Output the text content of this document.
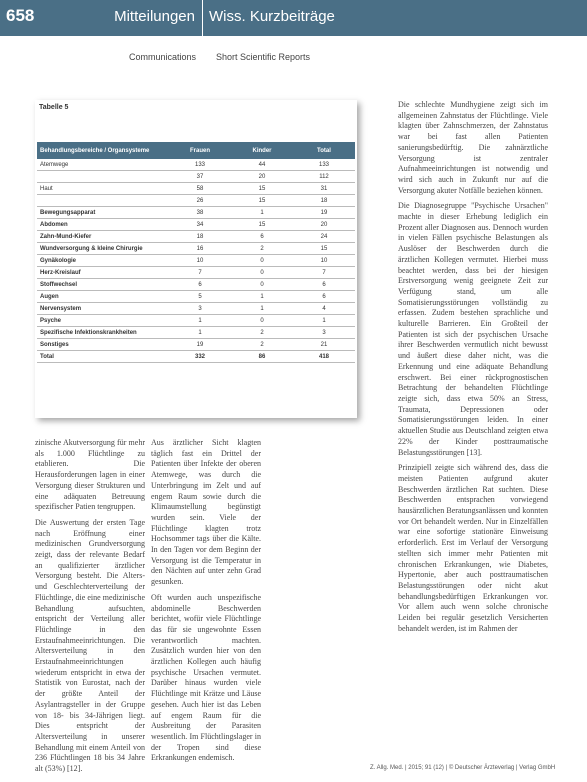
658	Mitteilungen Wiss. Kurzbeiträge
Communications Short Scientific Reports
Tabelle 5
Behandlungsbereiche / Organsysteme	Frauen	Kinder	Total
Atemwege	133	44	133
	37	20	112
Haut	58	15	31
	26	15	18
Bewegungsapparat	38	1	19
Abdomen	34	15	20
Zahn-Mund-Kiefer	18	6	24
Wundversorgung & kleine Chirurgie	16	2	15
Gynäkologie	10	0	10
Herz-Kreislauf	7	0	7
Stoffwechsel	6	0	6
Augen	5	1	6
Nervensystem	3	1	4
Psyche	1	0	1
Spezifische Infektionskrankheiten	1	2	3
Sonstiges	19	2	21
Total	332	86	418

zinische Akutversorgung für mehr als 1.000 Flüchtlinge zu etablieren. Die Herausforderungen lagen in einer Versorgung dieser Strukturen und eine adäquaten Betreuung spezifischer Patien tengruppen.

Die Auswertung der ersten Tage nach Eröffnung einer medizinischen Grundversorgung zeigt, dass der relevante Bedarf an qualifizierter ärztlicher Versorgung besteht. Die Alters- und Geschlechterverteilung der Flüchtlinge, die eine medizinische Behandlung aufsuchten, entspricht der Verteilung aller Flüchtlinge in den Erstaufnahmeeinrichtungen. Die Altersverteilung in den Erstaufnahmeeinrichtungen wiederum entspricht in etwa der Statistik von Eurostat, nach der der größte Anteil der Asylantragsteller in der Gruppe von 18- bis 34-Jährigen liegt. Dies entspricht der Altersverteilung in unserer Behandlung mit einem Anteil von 236 Flüchtlingen 18 bis 34 Jahre alt (53%) [12].

Aus ärztlicher Sicht klagten täglich fast ein Drittel der Patienten über Infekte der oberen Atemwege, was durch die Unterbringung im Zelt und auf engem Raum sowie durch die Klimaumstellung begünstigt wurden sein. Viele der Flüchtlinge klagten trotz Hochsommer tags über die Kälte. In den Tagen vor dem Beginn der Versorgung ist die Temperatur in den Nächten auf unter zehn Grad gesunken.

Oft wurden auch unspezifische abdominelle Beschwerden berichtet, wofür viele Flüchtlinge das für sie ungewohnte Essen verantwortlich machten. Zusätzlich wurden hier von den ärztlichen Kollegen auch häufig psychische Ursachen vermutet. Darüber hinaus wurden viele Flüchtlinge mit Krätze und Läuse gesehen. Auch hier ist das Leben auf engem Raum für die Ausbreitung der Parasiten wesentlich. Im Flüchtlingslager in der Tropen sind diese Erkrankungen endemisch.

Die schlechte Mundhygiene zeigt sich im allgemeinen Zahnstatus der Flüchtlinge. Viele klagten über Zahnschmerzen, der Zahnstatus war bei fast allen Patienten sanierungsbedürftig. Die zahnärztliche Versorgung ist zentraler Aufnahmeeinrichtungen ist notwendig und wird sich auch in Zukunft nur auf die Versorgung akuter Notfälle beziehen können.

Die Diagnosegruppe "Psychische Ursachen" machte in dieser Erhebung lediglich ein Prozent aller Diagnosen aus. Dennoch wurden in vielen Fällen psychische Belastungen als Auslöser der Beschwerden durch die ärztlichen Kollegen vermutet. Hierbei muss beachtet werden, dass bei der hiesigen Erstversorgung wenig geeignete Zeit zur Verfügung stand, um alle Somatisierungsstörungen vollständig zu erfassen. Zudem bestehen sprachliche und kulturelle Barrieren. Ein Großteil der Patienten ist sich der psychischen Ursache ihrer Beschwerden vermutlich nicht bewusst und äußert diese daher nicht, was die Erkennung und eine adäquate Behandlung erschwert. Bei einer rückprognostischen Betrachtung der behandelten Flüchtlinge zeigte sich, dass etwa 50% an Stress, Traumata, Depressionen oder Somatisierungsstörungen leiden. In einer aktuellen Studie aus Deutschland zeigten etwa 22% der Kinder posttraumatische Belastungsstörungen [13].

Prinzipiell zeigte sich während des, dass die meisten Patienten aufgrund akuter Beschwerden ärztlichen Rat suchten. Diese Beschwerden entsprachen vorwiegend hausärztlichen Beratungsanlässen und konnten vor Ort behandelt werden. Nur in Einzelfällen war eine sofortige stationäre Einweisung erforderlich. Erst im Verlauf der Versorgung stellten sich immer mehr Patienten mit chronischen Erkrankungen, wie Diabetes, Hypertonie, aber auch posttraumatischen Belastungsstörungen oder nicht akut behandlungsbedürftigen Erkrankungen vor. Vor allem auch wenn solche chronische Leiden bei regulär gesetzlich Versicherten behandelt werden, ist im Rahmen der

Z. Allg. Med. | 2015; 91 (12) | © Deutscher Ärzteverlag | Verlag GmbH
